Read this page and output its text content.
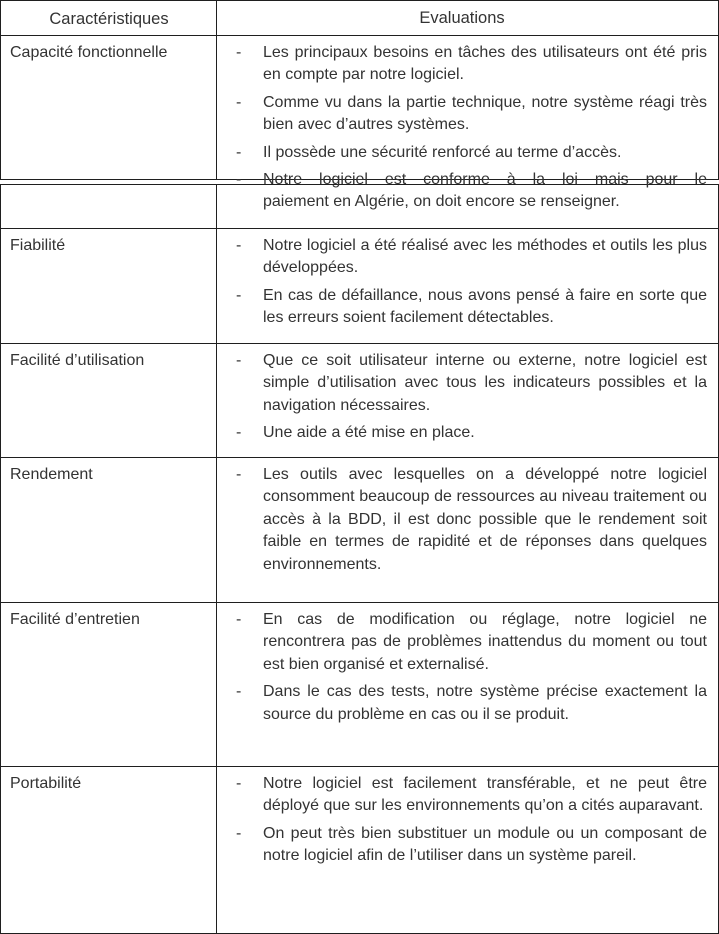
Caractéristiques	Evaluations
Capacité fonctionnelle	- Les principaux besoins en tâches des utilisateurs ont été pris en compte par notre logiciel.
- Comme vu dans la partie technique, notre système réagi très bien avec d’autres systèmes.
- Il possède une sécurité renforcé au terme d’accès.
- Notre logiciel est conforme à la loi mais pour le
paiement en Algérie, on doit encore se renseigner.
Fiabilité	- Notre logiciel a été réalisé avec les méthodes et outils les plus développées.
- En cas de défaillance, nous avons pensé à faire en sorte que les erreurs soient facilement détectables.
Facilité d’utilisation	- Que ce soit utilisateur interne ou externe, notre logiciel est simple d’utilisation avec tous les indicateurs possibles et la navigation nécessaires.
- Une aide a été mise en place.
Rendement	- Les outils avec lesquelles on a développé notre logiciel consomment beaucoup de ressources au niveau traitement ou accès à la BDD, il est donc possible que le rendement soit faible en termes de rapidité et de réponses dans quelques environnements.
Facilité d’entretien	- En cas de modification ou réglage, notre logiciel ne rencontrera pas de problèmes inattendus du moment ou tout est bien organisé et externalisé.
- Dans le cas des tests, notre système précise exactement la source du problème en cas ou il se produit.
Portabilité	- Notre logiciel est facilement transférable, et ne peut être déployé que sur les environnements qu’on a cités auparavant.
- On peut très bien substituer un module ou un composant de notre logiciel afin de l’utiliser dans un système pareil.
